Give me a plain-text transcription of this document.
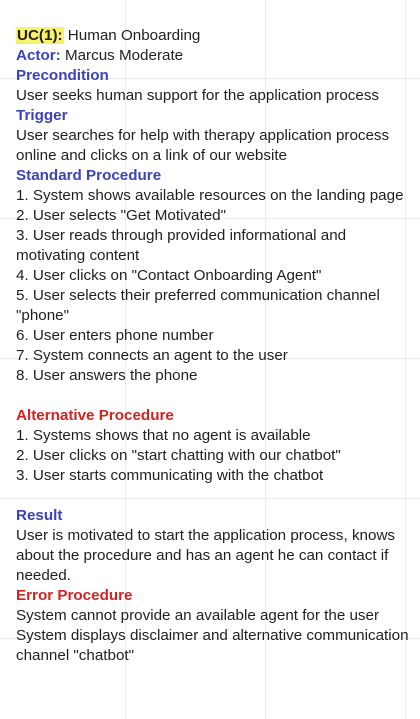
UC(1): Human Onboarding

Actor: Marcus Moderate

Precondition

User seeks human support for the application process

Trigger

User searches for help with therapy application process online and clicks on a link of our website

Standard Procedure

1. System shows available resources on the landing page
2. User selects "Get Motivated"
3. User reads through provided informational and motivating content
4. User clicks on "Contact Onboarding Agent"
5. User selects their preferred communication channel "phone"
6. User enters phone number
7. System connects an agent to the user
8. User answers the phone

Alternative Procedure

1. Systems shows that no agent is available
2. User clicks on "start chatting with our chatbot"
3. User starts communicating with the chatbot

Result

User is motivated to start the application process, knows about the procedure and has an agent he can contact if needed.

Error Procedure

System cannot provide an available agent for the user

System displays disclaimer and alternative communication channel "chatbot"
